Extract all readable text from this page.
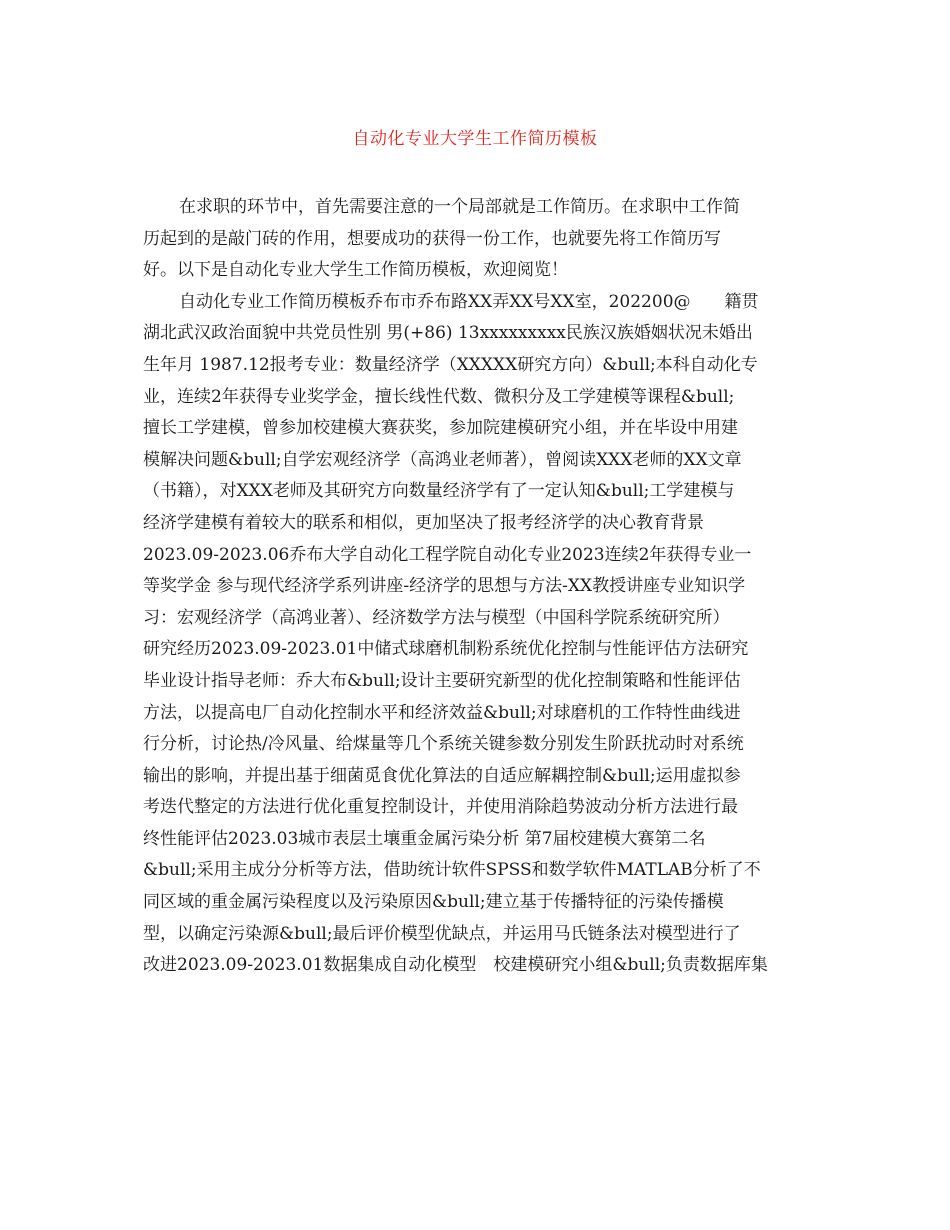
自动化专业大学生工作简历模板
在求职的环节中，首先需要注意的一个局部就是工作简历。在求职中工作简
历起到的是敲门砖的作用，想要成功的获得一份工作，也就要先将工作简历写
好。以下是自动化专业大学生工作简历模板，欢迎阅览！
自动化专业工作简历模板乔布市乔布路XX弄XX号XX室，202200@　　籍贯
湖北武汉政治面貌中共党员性别 男(+86) 13xxxxxxxxx民族汉族婚姻状况未婚出
生年月 1987.12报考专业：数量经济学（XXXXX研究方向）&bull;本科自动化专
业，连续2年获得专业奖学金，擅长线性代数、微积分及工学建模等课程&bull;
擅长工学建模，曾参加校建模大赛获奖，参加院建模研究小组，并在毕设中用建
模解决问题&bull;自学宏观经济学（高鸿业老师著），曾阅读XXX老师的XX文章
（书籍），对XXX老师及其研究方向数量经济学有了一定认知&bull;工学建模与
经济学建模有着较大的联系和相似，更加坚决了报考经济学的决心教育背景
2023.09-2023.06乔布大学自动化工程学院自动化专业2023连续2年获得专业一
等奖学金 参与现代经济学系列讲座-经济学的思想与方法-XX教授讲座专业知识学
习：宏观经济学（高鸿业著）、经济数学方法与模型（中国科学院系统研究所）
研究经历2023.09-2023.01中储式球磨机制粉系统优化控制与性能评估方法研究
毕业设计指导老师：乔大布&bull;设计主要研究新型的优化控制策略和性能评估
方法，以提高电厂自动化控制水平和经济效益&bull;对球磨机的工作特性曲线进
行分析，讨论热/冷风量、给煤量等几个系统关键参数分别发生阶跃扰动时对系统
输出的影响，并提出基于细菌觅食优化算法的自适应解耦控制&bull;运用虚拟参
考迭代整定的方法进行优化重复控制设计，并使用消除趋势波动分析方法进行最
终性能评估2023.03城市表层土壤重金属污染分析 第7届校建模大赛第二名
&bull;采用主成分分析等方法，借助统计软件SPSS和数学软件MATLAB分析了不
同区域的重金属污染程度以及污染原因&bull;建立基于传播特征的污染传播模
型，以确定污染源&bull;最后评价模型优缺点，并运用马氏链条法对模型进行了
改进2023.09-2023.01数据集成自动化模型　校建模研究小组&bull;负责数据库集
